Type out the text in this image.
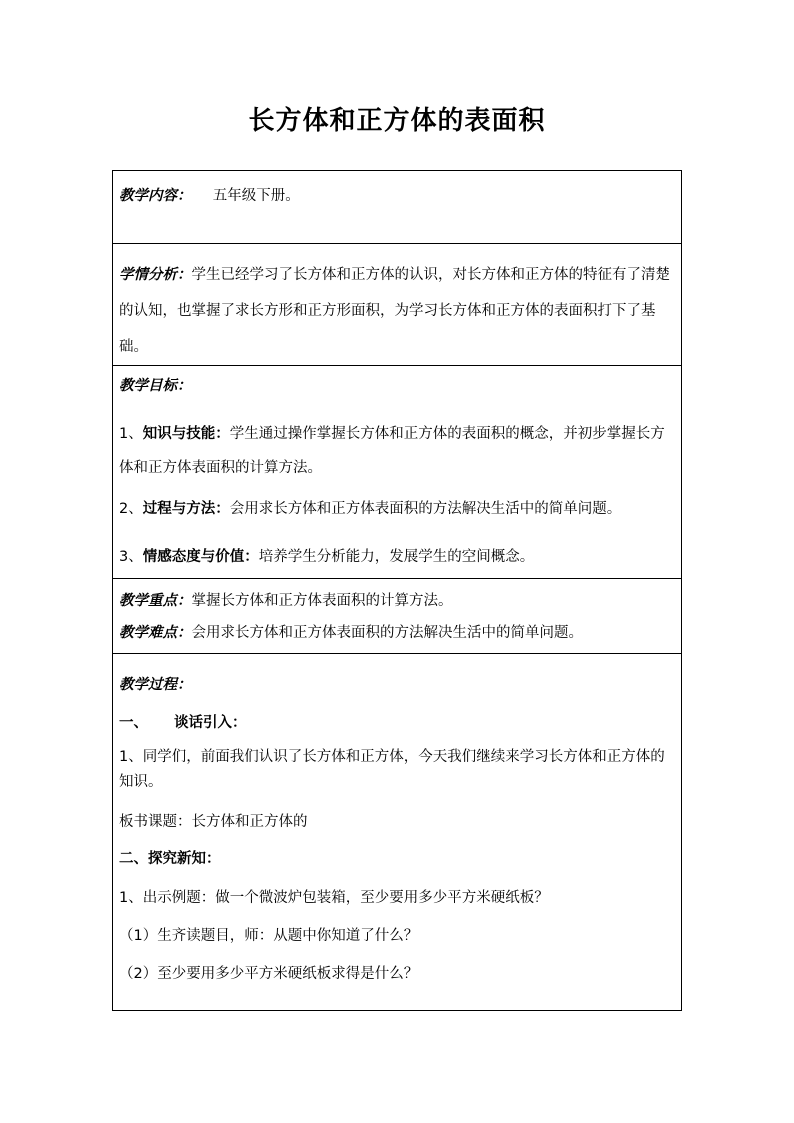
长方体和正方体的表面积

教学内容： 五年级下册。

学情分析：学生已经学习了长方体和正方体的认识，对长方体和正方体的特征有了清楚的认知，也掌握了求长方形和正方形面积，为学习长方体和正方体的表面积打下了基础。

教学目标：

1、知识与技能：学生通过操作掌握长方体和正方体的表面积的概念，并初步掌握长方体和正方体表面积的计算方法。

2、过程与方法：会用求长方体和正方体表面积的方法解决生活中的简单问题。

3、情感态度与价值：培养学生分析能力，发展学生的空间概念。

教学重点：掌握长方体和正方体表面积的计算方法。

教学难点：会用求长方体和正方体表面积的方法解决生活中的简单问题。

教学过程：

一、 谈话引入：

1、同学们，前面我们认识了长方体和正方体，今天我们继续来学习长方体和正方体的知识。

板书课题：长方体和正方体的

二、探究新知：

1、出示例题：做一个微波炉包装箱，至少要用多少平方米硬纸板？

（1）生齐读题目，师：从题中你知道了什么？

（2）至少要用多少平方米硬纸板求得是什么？
